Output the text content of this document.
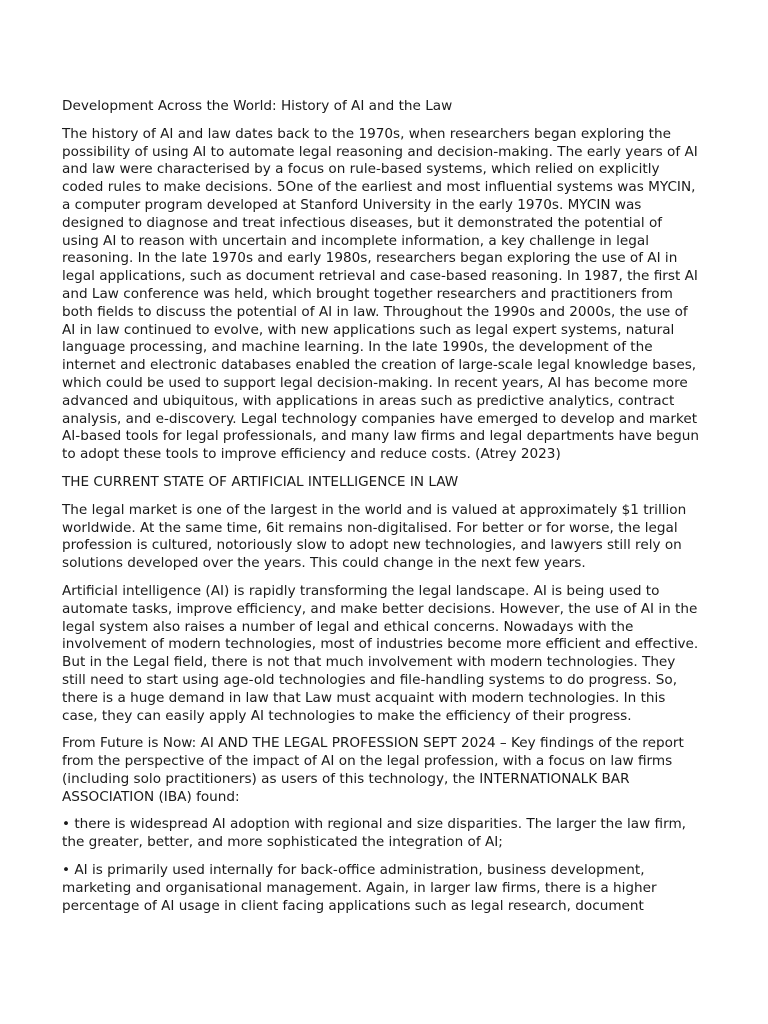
Development Across the World: History of AI and the Law

The history of AI and law dates back to the 1970s, when researchers began exploring the possibility of using AI to automate legal reasoning and decision-making. The early years of AI and law were characterised by a focus on rule-based systems, which relied on explicitly coded rules to make decisions. 5One of the earliest and most influential systems was MYCIN, a computer program developed at Stanford University in the early 1970s. MYCIN was designed to diagnose and treat infectious diseases, but it demonstrated the potential of using AI to reason with uncertain and incomplete information, a key challenge in legal reasoning. In the late 1970s and early 1980s, researchers began exploring the use of AI in legal applications, such as document retrieval and case-based reasoning. In 1987, the first AI and Law conference was held, which brought together researchers and practitioners from both fields to discuss the potential of AI in law. Throughout the 1990s and 2000s, the use of AI in law continued to evolve, with new applications such as legal expert systems, natural language processing, and machine learning. In the late 1990s, the development of the internet and electronic databases enabled the creation of large-scale legal knowledge bases, which could be used to support legal decision-making. In recent years, AI has become more advanced and ubiquitous, with applications in areas such as predictive analytics, contract analysis, and e-discovery. Legal technology companies have emerged to develop and market AI-based tools for legal professionals, and many law firms and legal departments have begun to adopt these tools to improve efficiency and reduce costs. (Atrey 2023)

THE CURRENT STATE OF ARTIFICIAL INTELLIGENCE IN LAW

The legal market is one of the largest in the world and is valued at approximately $1 trillion worldwide. At the same time, 6it remains non-digitalised. For better or for worse, the legal profession is cultured, notoriously slow to adopt new technologies, and lawyers still rely on solutions developed over the years. This could change in the next few years.

Artificial intelligence (AI) is rapidly transforming the legal landscape. AI is being used to automate tasks, improve efficiency, and make better decisions. However, the use of AI in the legal system also raises a number of legal and ethical concerns. Nowadays with the involvement of modern technologies, most of industries become more efficient and effective. But in the Legal field, there is not that much involvement with modern technologies. They still need to start using age-old technologies and file-handling systems to do progress. So, there is a huge demand in law that Law must acquaint with modern technologies. In this case, they can easily apply AI technologies to make the efficiency of their progress.

From Future is Now: AI AND THE LEGAL PROFESSION SEPT 2024 – Key findings of the report from the perspective of the impact of AI on the legal profession, with a focus on law firms (including solo practitioners) as users of this technology, the INTERNATIONALK BAR ASSOCIATION (IBA) found:

• there is widespread AI adoption with regional and size disparities. The larger the law firm, the greater, better, and more sophisticated the integration of AI;

• AI is primarily used internally for back-office administration, business development, marketing and organisational management. Again, in larger law firms, there is a higher percentage of AI usage in client facing applications such as legal research, document
